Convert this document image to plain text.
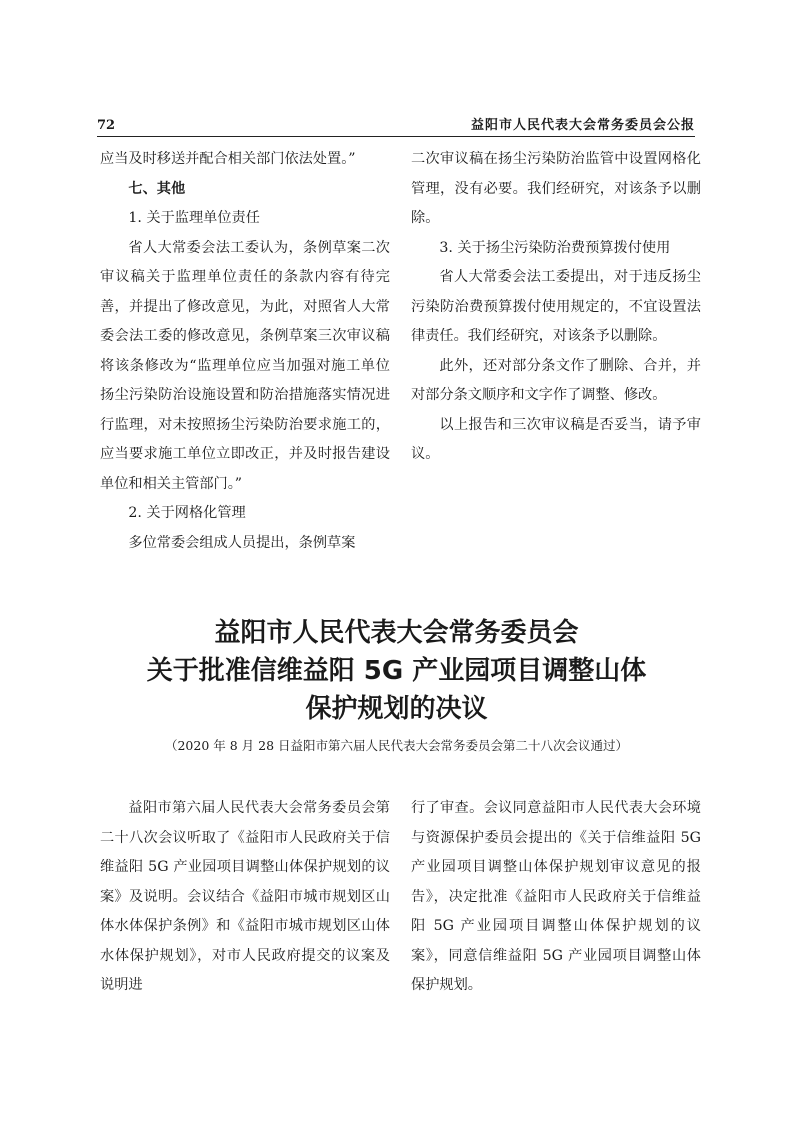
72	益阳市人民代表大会常务委员会公报

应当及时移送并配合相关部门依法处置。”

七、其他

1. 关于监理单位责任

省人大常委会法工委认为，条例草案二次审议稿关于监理单位责任的条款内容有待完善，并提出了修改意见，为此，对照省人大常委会法工委的修改意见，条例草案三次审议稿将该条修改为“监理单位应当加强对施工单位扬尘污染防治设施设置和防治措施落实情况进行监理，对未按照扬尘污染防治要求施工的，应当要求施工单位立即改正，并及时报告建设单位和相关主管部门。”

2. 关于网格化管理

多位常委会组成人员提出，条例草案

二次审议稿在扬尘污染防治监管中设置网格化管理，没有必要。我们经研究，对该条予以删除。

3. 关于扬尘污染防治费预算拨付使用

省人大常委会法工委提出，对于违反扬尘污染防治费预算拨付使用规定的，不宜设置法律责任。我们经研究，对该条予以删除。

此外，还对部分条文作了删除、合并，并对部分条文顺序和文字作了调整、修改。

以上报告和三次审议稿是否妥当，请予审议。

益阳市人民代表大会常务委员会
关于批准信维益阳 5G 产业园项目调整山体
保护规划的决议
（2020 年 8 月 28 日益阳市第六届人民代表大会常务委员会第二十八次会议通过）

益阳市第六届人民代表大会常务委员会第二十八次会议听取了《益阳市人民政府关于信维益阳 5G 产业园项目调整山体保护规划的议案》及说明。会议结合《益阳市城市规划区山体水体保护条例》和《益阳市城市规划区山体水体保护规划》，对市人民政府提交的议案及说明进

行了审查。会议同意益阳市人民代表大会环境与资源保护委员会提出的《关于信维益阳 5G 产业园项目调整山体保护规划审议意见的报告》，决定批准《益阳市人民政府关于信维益阳 5G 产业园项目调整山体保护规划的议案》，同意信维益阳 5G 产业园项目调整山体保护规划。
